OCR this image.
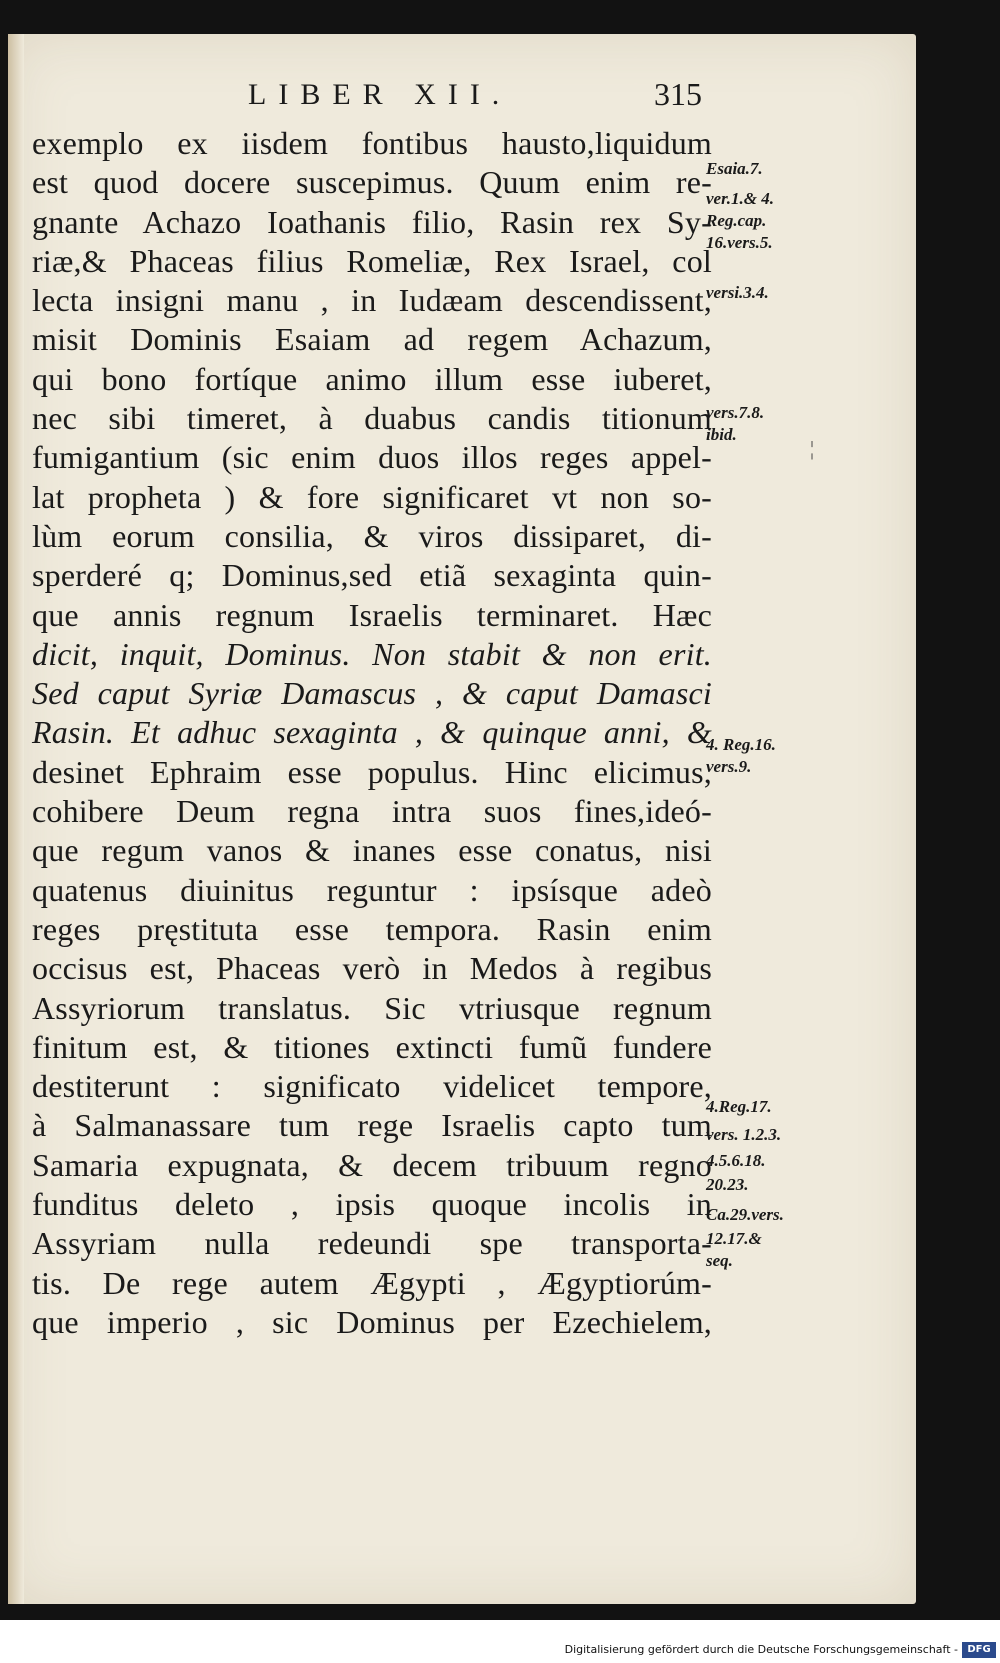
LIBER XII.	315
exemplo ex iisdem fontibus hausto,liquidum
est quod docere suscepimus. Quum enim re-
gnante Achazo Ioathanis filio, Rasin rex Sy-
riæ,& Phaceas filius Romeliæ, Rex Israel, col
lecta insigni manu , in Iudæam descendissent,
misit Dominis Esaiam ad regem Achazum,
qui bono fortíque animo illum esse iuberet,
nec sibi timeret, à duabus candis titionum
fumigantium (sic enim duos illos reges appel-
lat propheta ) & fore significaret vt non so-
lùm eorum consilia, & viros dissiparet, di-
sperderé q; Dominus,sed etiã sexaginta quin-
que annis regnum Israelis terminaret. Hæc
dicit, inquit, Dominus. Non stabit & non erit.
Sed caput Syriæ Damascus , & caput Damasci
Rasin. Et adhuc sexaginta , & quinque anni, &
desinet Ephraim esse populus. Hinc elicimus,
cohibere Deum regna intra suos fines,ideó-
que regum vanos & inanes esse conatus, nisi
quatenus diuinitus reguntur : ipsísque adeò
reges pręstituta esse tempora. Rasin enim
occisus est, Phaceas verò in Medos à regibus
Assyriorum translatus. Sic vtriusque regnum
finitum est, & titiones extincti fumũ fundere
destiterunt : significato videlicet tempore,
à Salmanassare tum rege Israelis capto tum
Samaria expugnata, & decem tribuum regno
funditus deleto , ipsis quoque incolis in
Assyriam nulla redeundi spe transporta-
tis. De rege autem Ægypti , Ægyptiorúm-
que imperio , sic Dominus per Ezechielem,
Esaia.7.
ver.1.& 4.
Reg.cap.
16.vers.5.
versi.3.4.
vers.7.8.
ibid.
4. Reg.16.
vers.9.
4.Reg.17.
vers. 1.2.3.
4.5.6.18.
20.23.
Ca.29.vers.
12.17.&
seq.
¦
Digitalisierung gefördert durch die Deutsche Forschungsgemeinschaft - DFG
